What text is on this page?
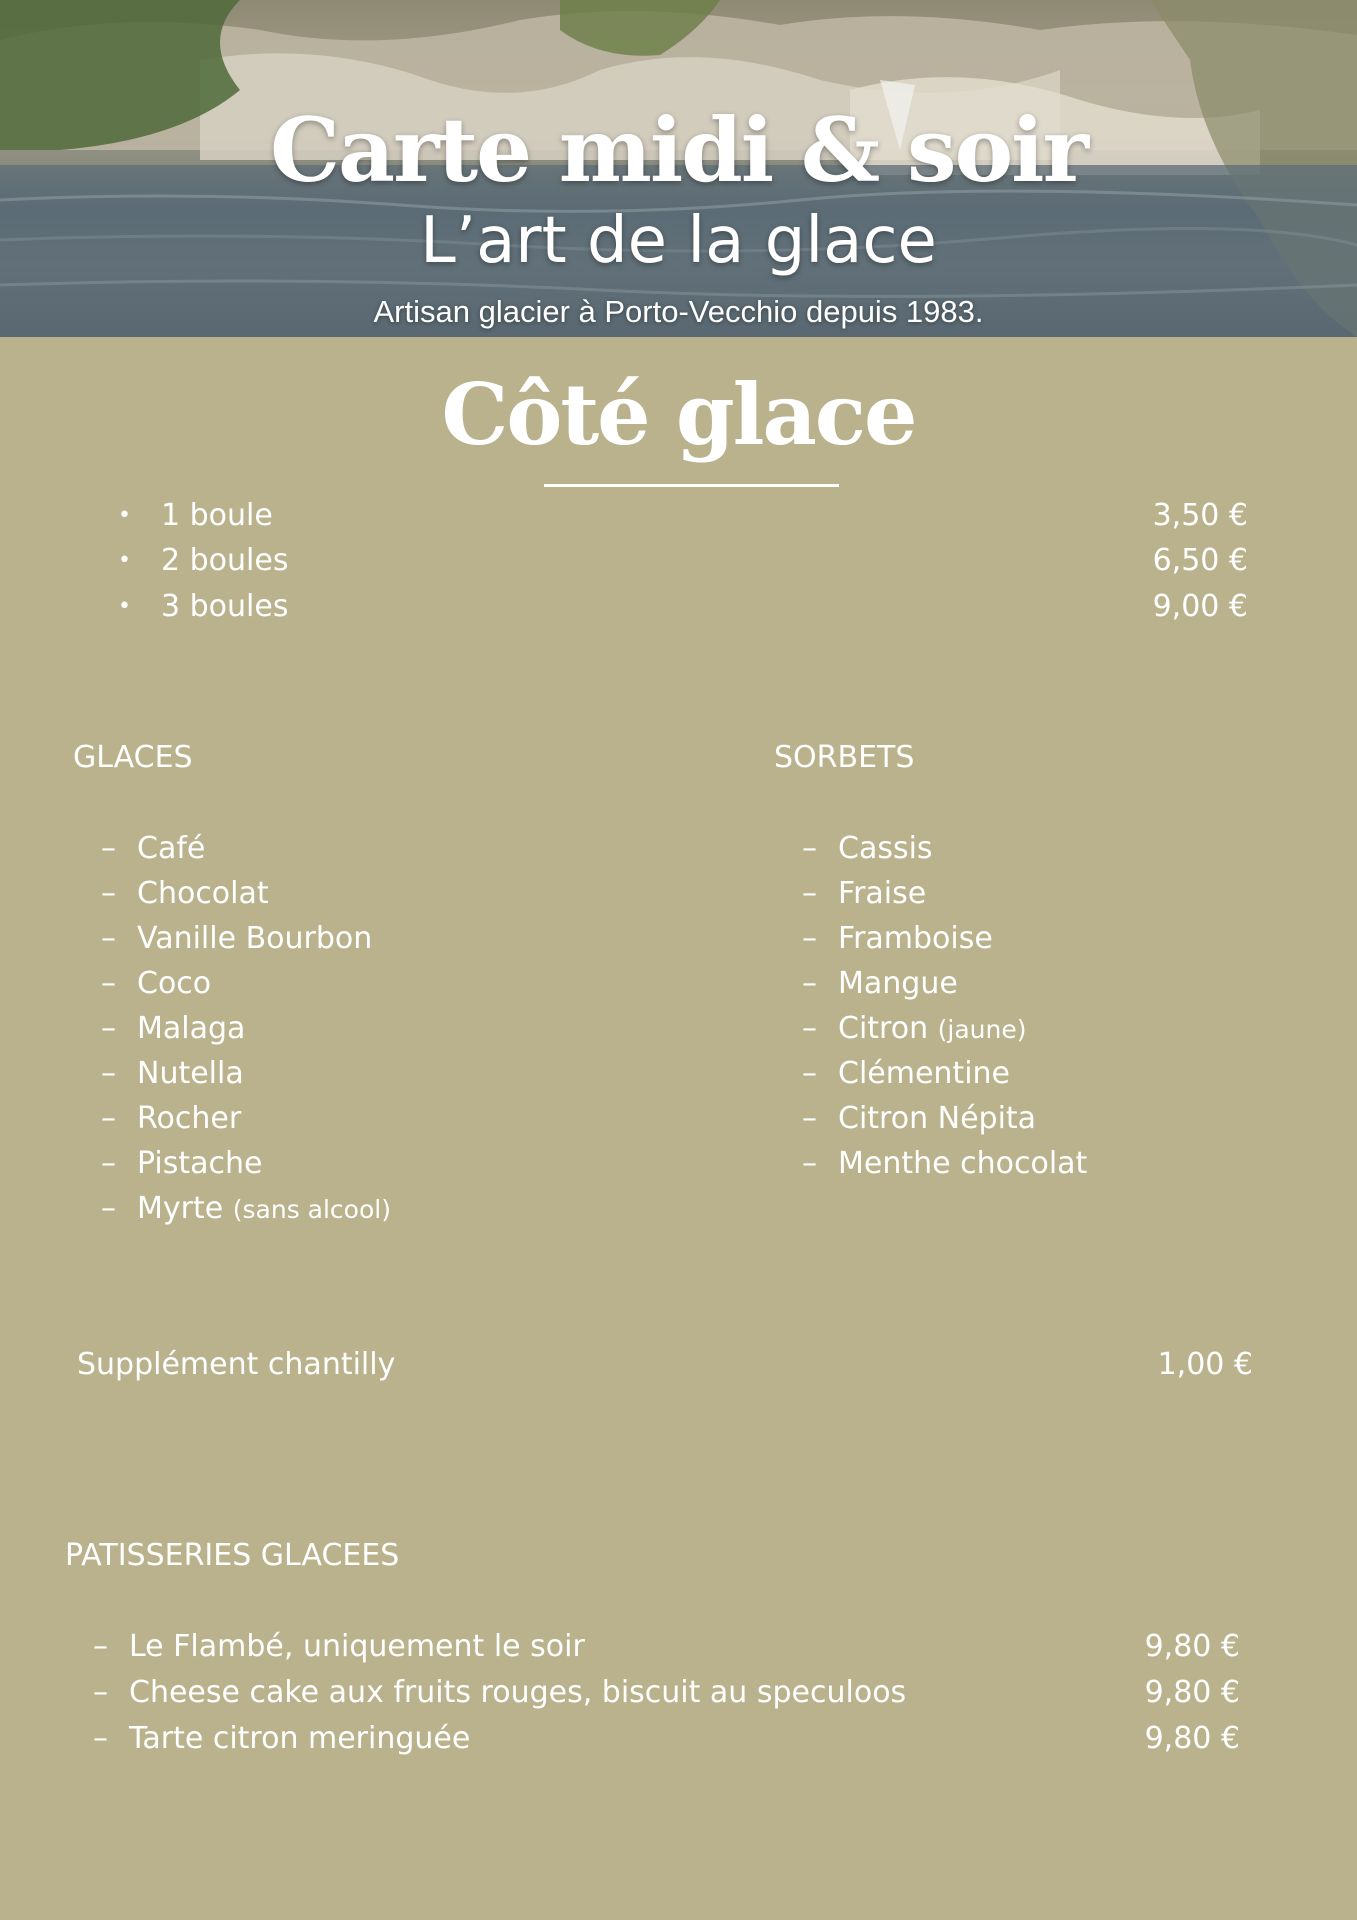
Carte midi & soir
L’art de la glace
Artisan glacier à Porto-Vecchio depuis 1983.
Côté glace
• 1 boule	3,50 €
• 2 boules	6,50 €
• 3 boules	9,00 €
GLACES
– Café
– Chocolat
– Vanille Bourbon
– Coco
– Malaga
– Nutella
– Rocher
– Pistache
– Myrte (sans alcool)
SORBETS
– Cassis
– Fraise
– Framboise
– Mangue
– Citron (jaune)
– Clémentine
– Citron Népita
– Menthe chocolat
Supplément chantilly	1,00 €
PATISSERIES GLACEES
– Le Flambé, uniquement le soir	9,80 €
– Cheese cake aux fruits rouges, biscuit au speculoos	9,80 €
– Tarte citron meringuée	9,80 €
